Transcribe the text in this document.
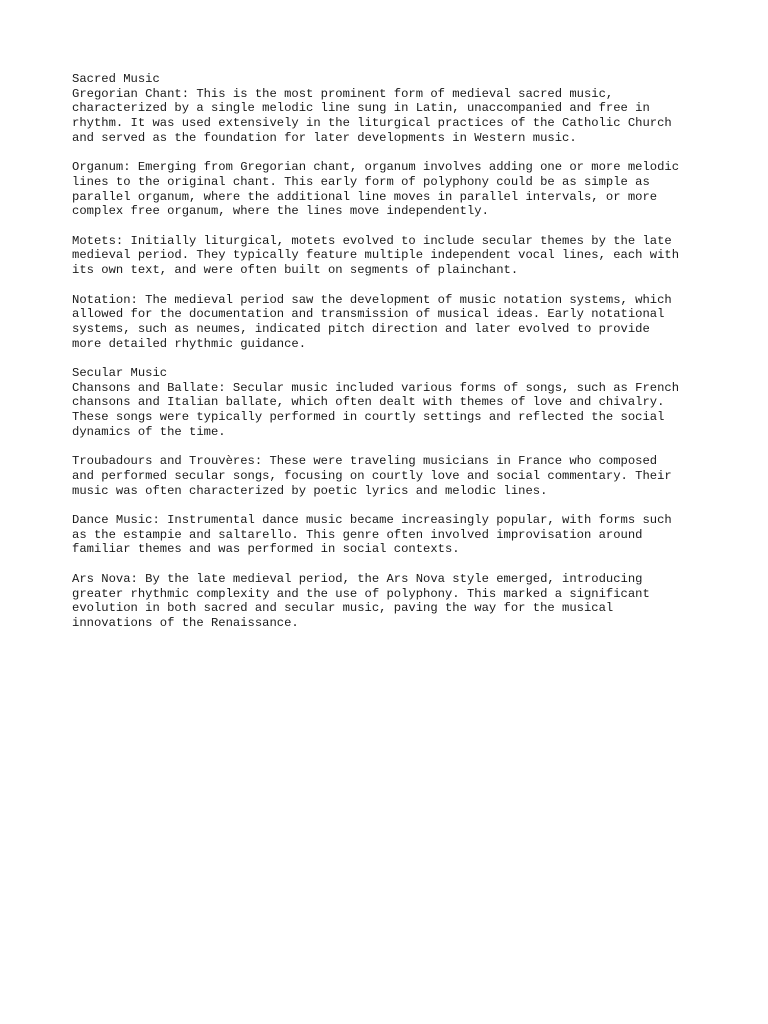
Sacred Music
Gregorian Chant: This is the most prominent form of medieval sacred music,
characterized by a single melodic line sung in Latin, unaccompanied and free in
rhythm. It was used extensively in the liturgical practices of the Catholic Church
and served as the foundation for later developments in Western music.
Organum: Emerging from Gregorian chant, organum involves adding one or more melodic
lines to the original chant. This early form of polyphony could be as simple as
parallel organum, where the additional line moves in parallel intervals, or more
complex free organum, where the lines move independently.
Motets: Initially liturgical, motets evolved to include secular themes by the late
medieval period. They typically feature multiple independent vocal lines, each with
its own text, and were often built on segments of plainchant.
Notation: The medieval period saw the development of music notation systems, which
allowed for the documentation and transmission of musical ideas. Early notational
systems, such as neumes, indicated pitch direction and later evolved to provide
more detailed rhythmic guidance.
Secular Music
Chansons and Ballate: Secular music included various forms of songs, such as French
chansons and Italian ballate, which often dealt with themes of love and chivalry.
These songs were typically performed in courtly settings and reflected the social
dynamics of the time.
Troubadours and Trouvères: These were traveling musicians in France who composed
and performed secular songs, focusing on courtly love and social commentary. Their
music was often characterized by poetic lyrics and melodic lines.
Dance Music: Instrumental dance music became increasingly popular, with forms such
as the estampie and saltarello. This genre often involved improvisation around
familiar themes and was performed in social contexts.
Ars Nova: By the late medieval period, the Ars Nova style emerged, introducing
greater rhythmic complexity and the use of polyphony. This marked a significant
evolution in both sacred and secular music, paving the way for the musical
innovations of the Renaissance.
